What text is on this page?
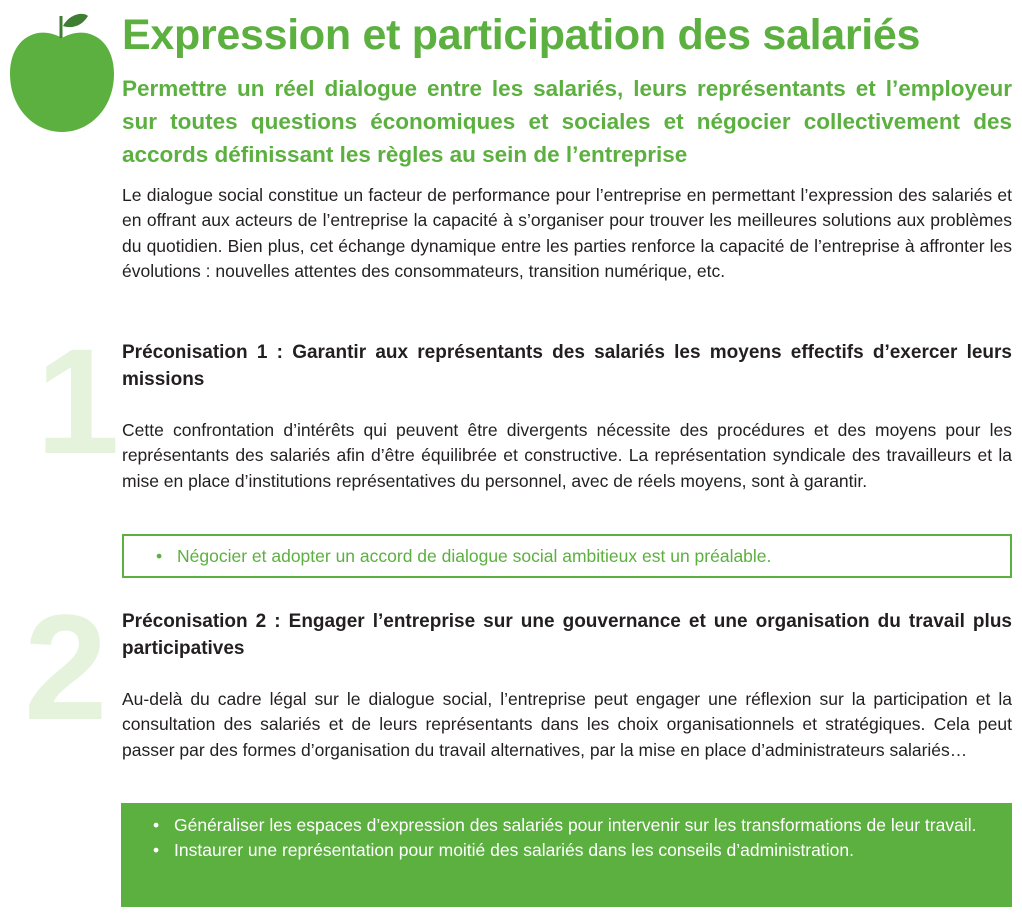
Expression et participation des salariés
Permettre un réel dialogue entre les salariés, leurs représentants et l’employeur sur toutes questions économiques et sociales et négocier collectivement des accords définissant les règles au sein de l’entreprise

Le dialogue social constitue un facteur de performance pour l’entreprise en permettant l’expression des salariés et en offrant aux acteurs de l’entreprise la capacité à s’organiser pour trouver les meilleures solutions aux problèmes du quotidien. Bien plus, cet échange dynamique entre les parties renforce la capacité de l’entreprise à affronter les évolutions : nouvelles attentes des consommateurs, transition numérique, etc.

1 Préconisation 1 : Garantir aux représentants des salariés les moyens effectifs d’exercer leurs missions

Cette confrontation d’intérêts qui peuvent être divergents nécessite des procédures et des moyens pour les représentants des salariés afin d’être équilibrée et constructive. La représentation syndicale des travailleurs et la mise en place d’institutions représentatives du personnel, avec de réels moyens, sont à garantir.

• Négocier et adopter un accord de dialogue social ambitieux est un préalable.
2 Préconisation 2 : Engager l’entreprise sur une gouvernance et une organisation du travail plus participatives

Au-delà du cadre légal sur le dialogue social, l’entreprise peut engager une réflexion sur la participation et la consultation des salariés et de leurs représentants dans les choix organisationnels et stratégiques. Cela peut passer par des formes d’organisation du travail alternatives, par la mise en place d’administrateurs salariés…

• Généraliser les espaces d’expression des salariés pour intervenir sur les transformations de leur travail.
• Instaurer une représentation pour moitié des salariés dans les conseils d’administration.
